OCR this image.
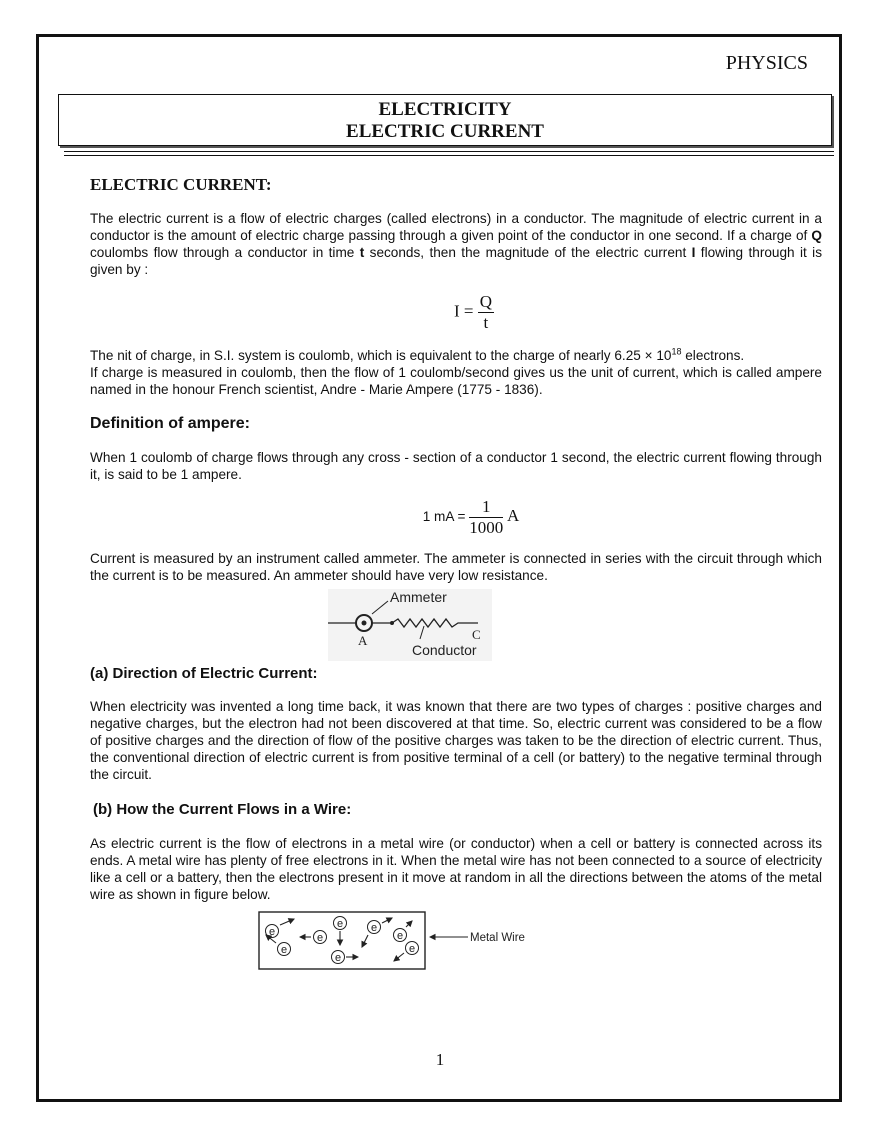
PHYSICS
ELECTRICITY
ELECTRIC CURRENT
ELECTRIC CURRENT:

The electric current is a flow of electric charges (called electrons) in a conductor. The magnitude of electric current in a conductor is the amount of electric charge passing through a given point of the conductor in one second. If a charge of Q coulombs flow through a conductor in time t seconds, then the magnitude of the electric current I flowing through it is given by :

$I = \frac{Q}{t}$

The nit of charge, in S.I. system is coulomb, which is equivalent to the charge of nearly $6.25 \times 10^{18}$ electrons.

If charge is measured in coulomb, then the flow of 1 coulomb/second gives us the unit of current, which is called ampere named in the honour French scientist, Andre - Marie Ampere (1775 - 1836).

Definition of ampere:

When 1 coulomb of charge flows through any cross - section of a conductor 1 second, the electric current flowing through it, is said to be 1 ampere.

1 mA = $\frac{1}{1000}$ A

Current is measured by an instrument called ammeter. The ammeter is connected in series with the circuit through which the current is to be measured. An ammeter should have very low resistance.

Ammeter
A	C
Conductor
(a) Direction of Electric Current:

When electricity was invented a long time back, it was known that there are two types of charges : positive charges and negative charges, but the electron had not been discovered at that time. So, electric current was considered to be a flow of positive charges and the direction of flow of the positive charges was taken to be the direction of electric current. Thus, the conventional direction of electric current is from positive terminal of a cell (or battery) to the negative terminal through the circuit.

(b) How the Current Flows in a Wire:

As electric current is the flow of electrons in a metal wire (or conductor) when a cell or battery is connected across its ends. A metal wire has plenty of free electrons in it. When the metal wire has not been connected to a source of electricity like a cell or a battery, then the electrons present in it move at random in all the directions between the atoms of the metal wire as shown in figure below.

e
e
e
e
e
e
e
e
Metal Wire
1
